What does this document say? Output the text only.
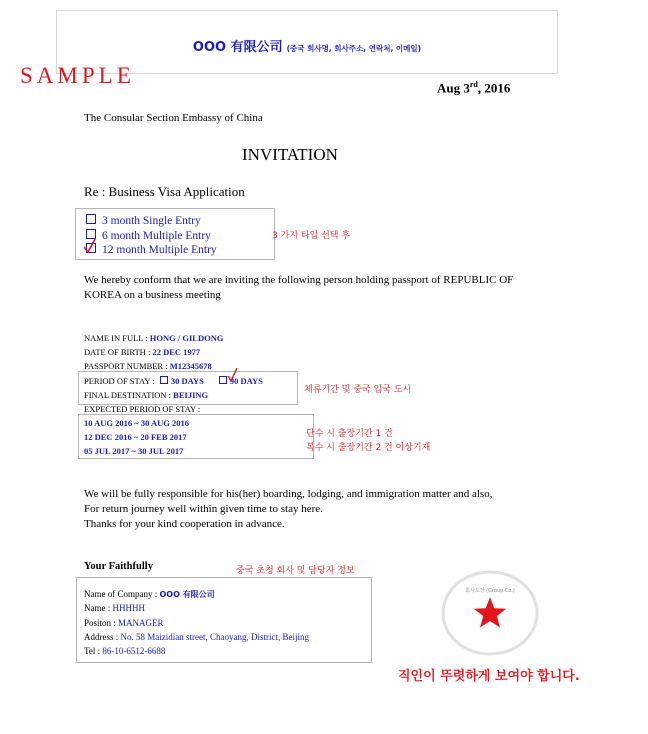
ООО 有限公司 (중국 회사명, 회사주소, 연락처, 이메일)
SAMPLE	Aug 3rd, 2016
The Consular Section Embassy of China
INVITATION
Re : Business Visa Application
3 month Single Entry
6 month Multiple Entry
12 month Multiple Entry
3 가지 타입 선택 후
We hereby conform that we are inviting the following person holding passport of REPUBLIC OF KOREA on a business meeting
NAME IN FULL : HONG / GILDONG
DATE OF BIRTH : 22 DEC 1977
PASSPORT NUMBER : M12345678
PERIOD OF STAY : 30 DAYS	90 DAYS
FINAL DESTINATION : BEIJING	체류기간 및 중국 입국 도시
EXPECTED PERIOD OF STAY :
10 AUG 2016 ~ 30 AUG 2016
12 DEC 2016 ~ 20 FEB 2017
05 JUL 2017 ~ 30 JUL 2017
단수 시 출장기간 1 건
복수 시 출장기간 2 건 이상기재
We will be fully responsible for his(her) boarding, lodging, and immigration matter and also,
For return journey well within given time to stay here.
Thanks for your kind cooperation in advance.
Your Faithfully	중국 초청 회사 및 담당자 정보
Name of Company : ООО 有限公司
Name : HHHHH
Positon : MANAGER
Address : No. 58 Maizidian street, Chaoyang, District, Beijing
Tel : 86-10-6512-6688
회사도장 (Group Co.)
직인이 뚜렷하게 보여야 합니다.
